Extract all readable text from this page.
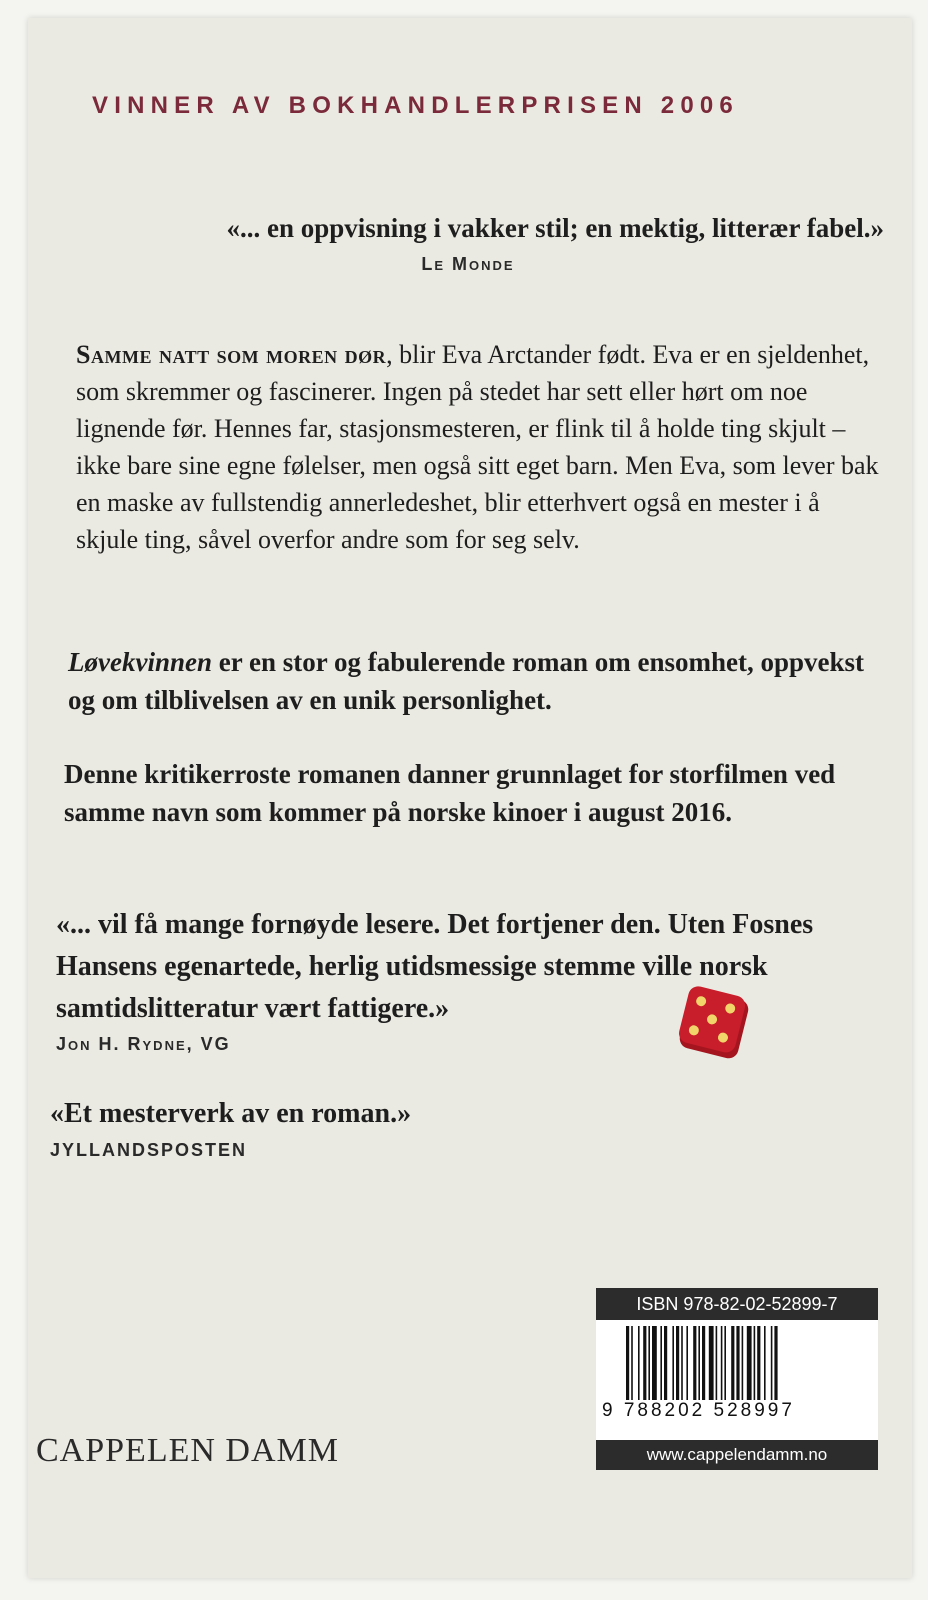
VINNER AV BOKHANDLERPRISEN 2006
«... en oppvisning i vakker stil; en mektig, litterær fabel.»
Le Monde
Samme natt som moren dør, blir Eva Arctander født. Eva er en sjeldenhet, som skremmer og fascinerer. Ingen på stedet har sett eller hørt om noe lignende før. Hennes far, stasjonsmesteren, er flink til å holde ting skjult – ikke bare sine egne følelser, men også sitt eget barn. Men Eva, som lever bak en maske av fullstendig annerledeshet, blir etterhvert også en mester i å skjule ting, såvel overfor andre som for seg selv.
Løvekvinnen er en stor og fabulerende roman om ensomhet, oppvekst og om tilblivelsen av en unik personlighet.
Denne kritikerroste romanen danner grunnlaget for storfilmen ved samme navn som kommer på norske kinoer i august 2016.
«... vil få mange fornøyde lesere. Det fortjener den. Uten Fosnes Hansens egenartede, herlig utidsmessige stemme ville norsk samtidslitteratur vært fattigere.»
Jon H. Rydne, VG
«Et mesterverk av en roman.»
JYLLANDSPOSTEN
ISBN 978-82-02-52899-7
9 788202 528997
www.cappelendamm.no
CAPPELEN DAMM
